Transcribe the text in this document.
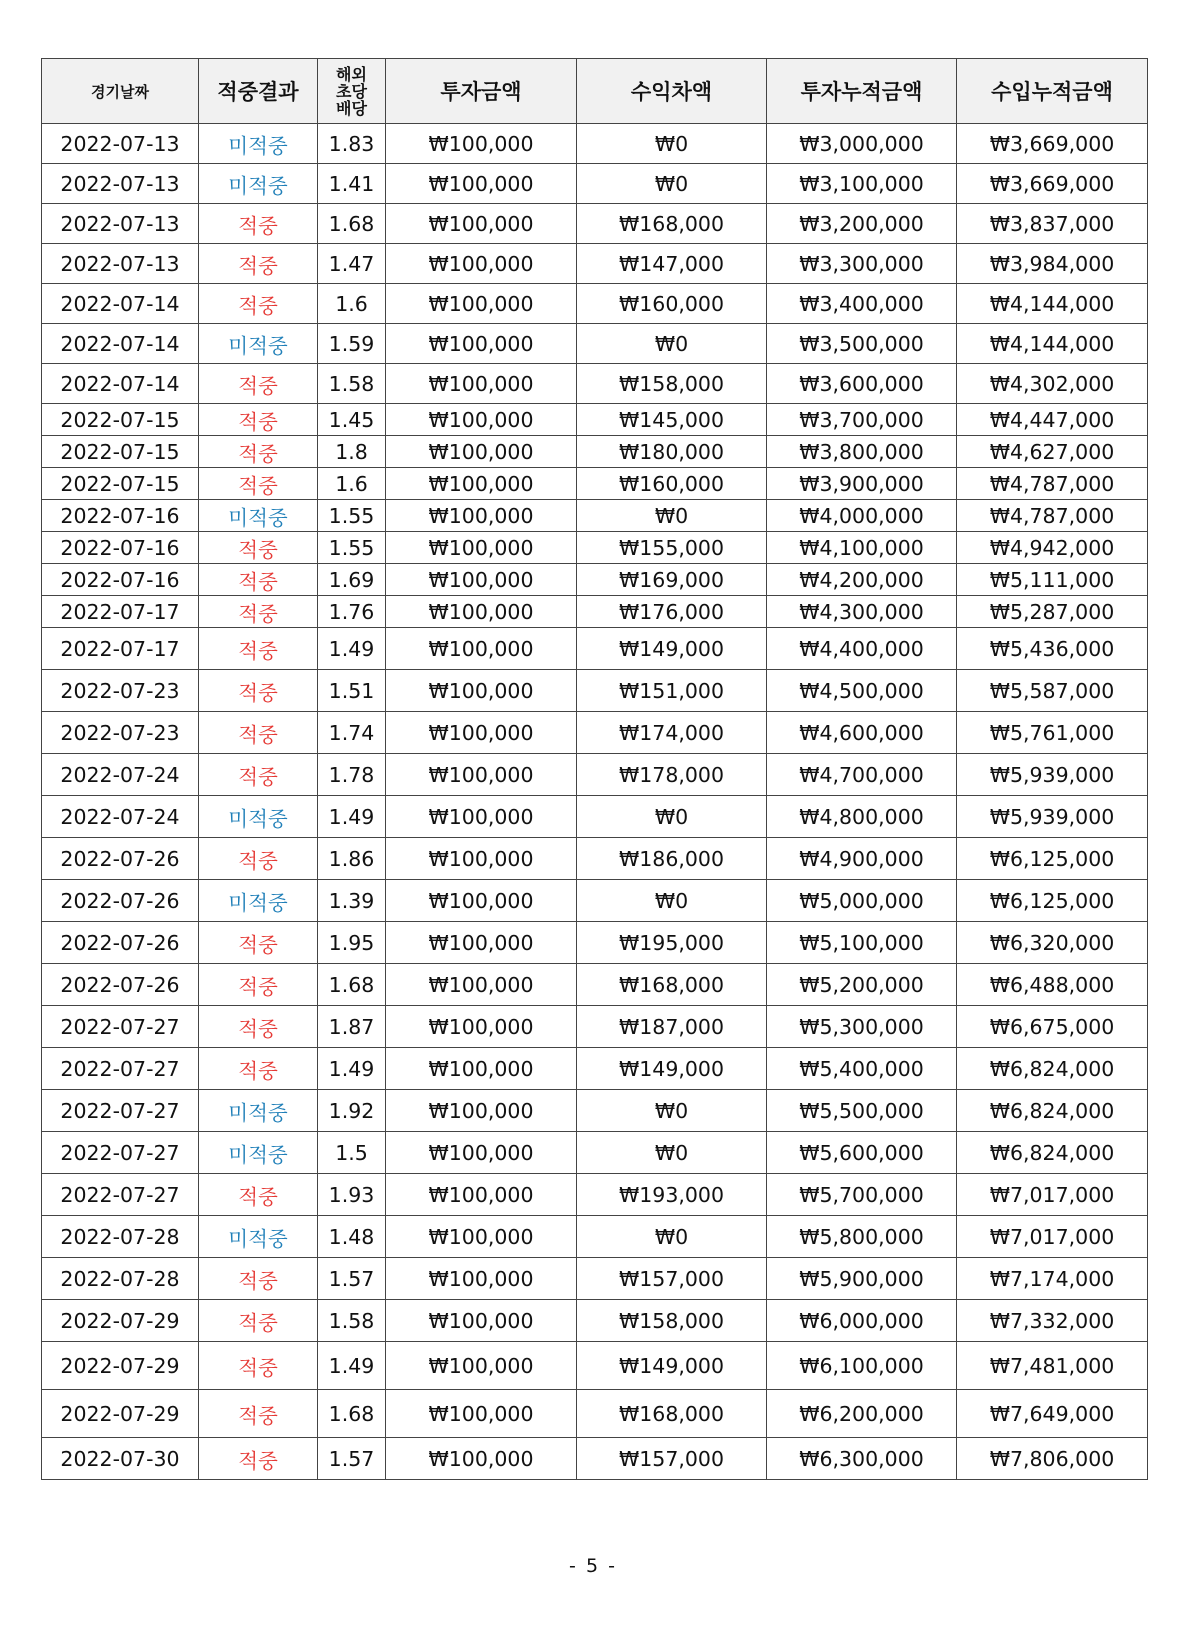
경기날짜	적중결과	해외
초당
배당	투자금액	수익차액	투자누적금액	수입누적금액
2022-07-13	미적중	1.83	₩100,000	₩0	₩3,000,000	₩3,669,000
2022-07-13	미적중	1.41	₩100,000	₩0	₩3,100,000	₩3,669,000
2022-07-13	적중	1.68	₩100,000	₩168,000	₩3,200,000	₩3,837,000
2022-07-13	적중	1.47	₩100,000	₩147,000	₩3,300,000	₩3,984,000
2022-07-14	적중	1.6	₩100,000	₩160,000	₩3,400,000	₩4,144,000
2022-07-14	미적중	1.59	₩100,000	₩0	₩3,500,000	₩4,144,000
2022-07-14	적중	1.58	₩100,000	₩158,000	₩3,600,000	₩4,302,000
2022-07-15	적중	1.45	₩100,000	₩145,000	₩3,700,000	₩4,447,000
2022-07-15	적중	1.8	₩100,000	₩180,000	₩3,800,000	₩4,627,000
2022-07-15	적중	1.6	₩100,000	₩160,000	₩3,900,000	₩4,787,000
2022-07-16	미적중	1.55	₩100,000	₩0	₩4,000,000	₩4,787,000
2022-07-16	적중	1.55	₩100,000	₩155,000	₩4,100,000	₩4,942,000
2022-07-16	적중	1.69	₩100,000	₩169,000	₩4,200,000	₩5,111,000
2022-07-17	적중	1.76	₩100,000	₩176,000	₩4,300,000	₩5,287,000
2022-07-17	적중	1.49	₩100,000	₩149,000	₩4,400,000	₩5,436,000
2022-07-23	적중	1.51	₩100,000	₩151,000	₩4,500,000	₩5,587,000
2022-07-23	적중	1.74	₩100,000	₩174,000	₩4,600,000	₩5,761,000
2022-07-24	적중	1.78	₩100,000	₩178,000	₩4,700,000	₩5,939,000
2022-07-24	미적중	1.49	₩100,000	₩0	₩4,800,000	₩5,939,000
2022-07-26	적중	1.86	₩100,000	₩186,000	₩4,900,000	₩6,125,000
2022-07-26	미적중	1.39	₩100,000	₩0	₩5,000,000	₩6,125,000
2022-07-26	적중	1.95	₩100,000	₩195,000	₩5,100,000	₩6,320,000
2022-07-26	적중	1.68	₩100,000	₩168,000	₩5,200,000	₩6,488,000
2022-07-27	적중	1.87	₩100,000	₩187,000	₩5,300,000	₩6,675,000
2022-07-27	적중	1.49	₩100,000	₩149,000	₩5,400,000	₩6,824,000
2022-07-27	미적중	1.92	₩100,000	₩0	₩5,500,000	₩6,824,000
2022-07-27	미적중	1.5	₩100,000	₩0	₩5,600,000	₩6,824,000
2022-07-27	적중	1.93	₩100,000	₩193,000	₩5,700,000	₩7,017,000
2022-07-28	미적중	1.48	₩100,000	₩0	₩5,800,000	₩7,017,000
2022-07-28	적중	1.57	₩100,000	₩157,000	₩5,900,000	₩7,174,000
2022-07-29	적중	1.58	₩100,000	₩158,000	₩6,000,000	₩7,332,000
2022-07-29	적중	1.49	₩100,000	₩149,000	₩6,100,000	₩7,481,000
2022-07-29	적중	1.68	₩100,000	₩168,000	₩6,200,000	₩7,649,000
2022-07-30	적중	1.57	₩100,000	₩157,000	₩6,300,000	₩7,806,000
- 5 -
